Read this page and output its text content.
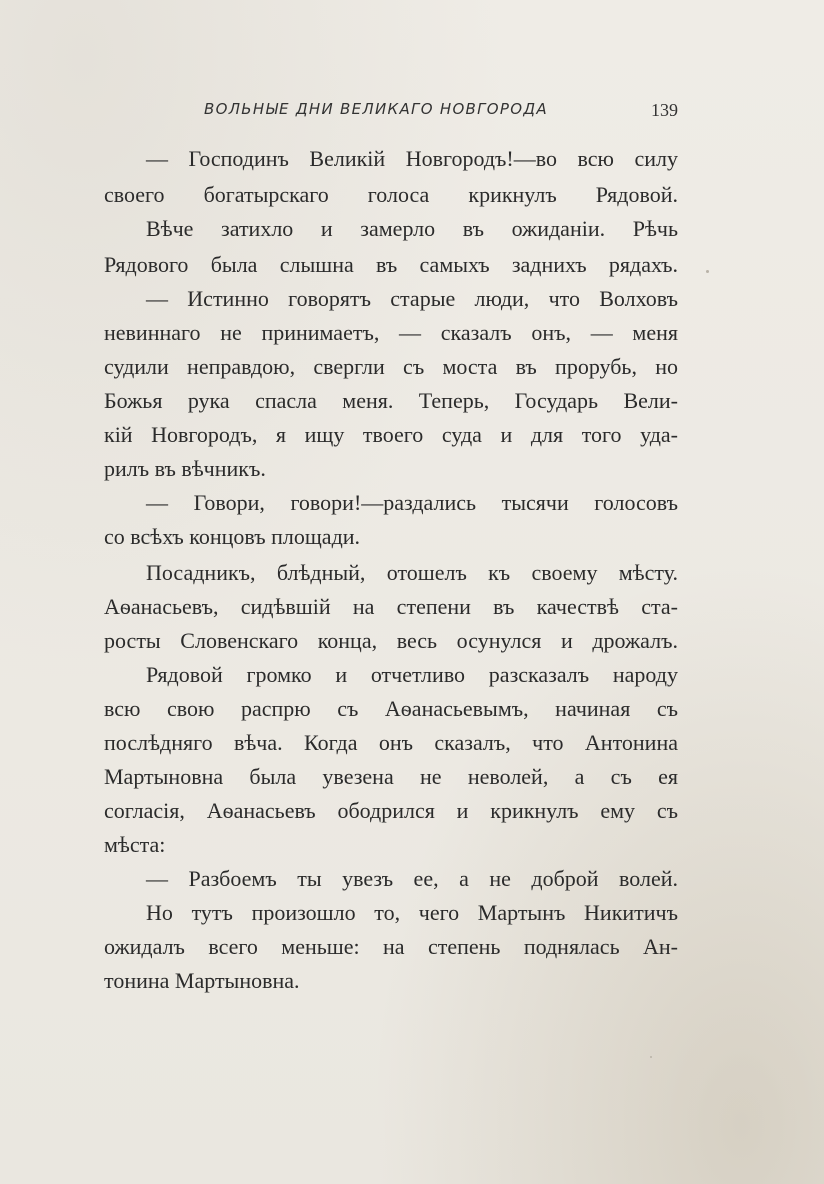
ВОЛЬНЫЕ ДНИ ВЕЛИКАГО НОВГОРОДА	139
— Господинъ Великій Новгородъ!—во всю силу
своего богатырскаго голоса крикнулъ Рядовой.
Вѣче затихло и замерло въ ожиданіи. Рѣчь
Рядового была слышна въ самыхъ заднихъ рядахъ.
— Истинно говорятъ старые люди, что Волховъ
невиннаго не принимаетъ, — сказалъ онъ, — меня
судили неправдою, свергли съ моста въ прорубь, но
Божья рука спасла меня. Теперь, Государь Вели-
кій Новгородъ, я ищу твоего суда и для того уда-
рилъ въ вѣчникъ.
— Говори, говори!—раздались тысячи голосовъ
со всѣхъ концовъ площади.
Посадникъ, блѣдный, отошелъ къ своему мѣсту.
Аѳанасьевъ, сидѣвшій на степени въ качествѣ ста-
росты Словенскаго конца, весь осунулся и дрожалъ.
Рядовой громко и отчетливо разсказалъ народу
всю свою распрю съ Аѳанасьевымъ, начиная съ
послѣдняго вѣча. Когда онъ сказалъ, что Антонина
Мартыновна была увезена не неволей, а съ ея
согласія, Аѳанасьевъ ободрился и крикнулъ ему съ
мѣста:
— Разбоемъ ты увезъ ее, а не доброй волей.
Но тутъ произошло то, чего Мартынъ Никитичъ
ожидалъ всего меньше: на степень поднялась Ан-
тонина Мартыновна.
